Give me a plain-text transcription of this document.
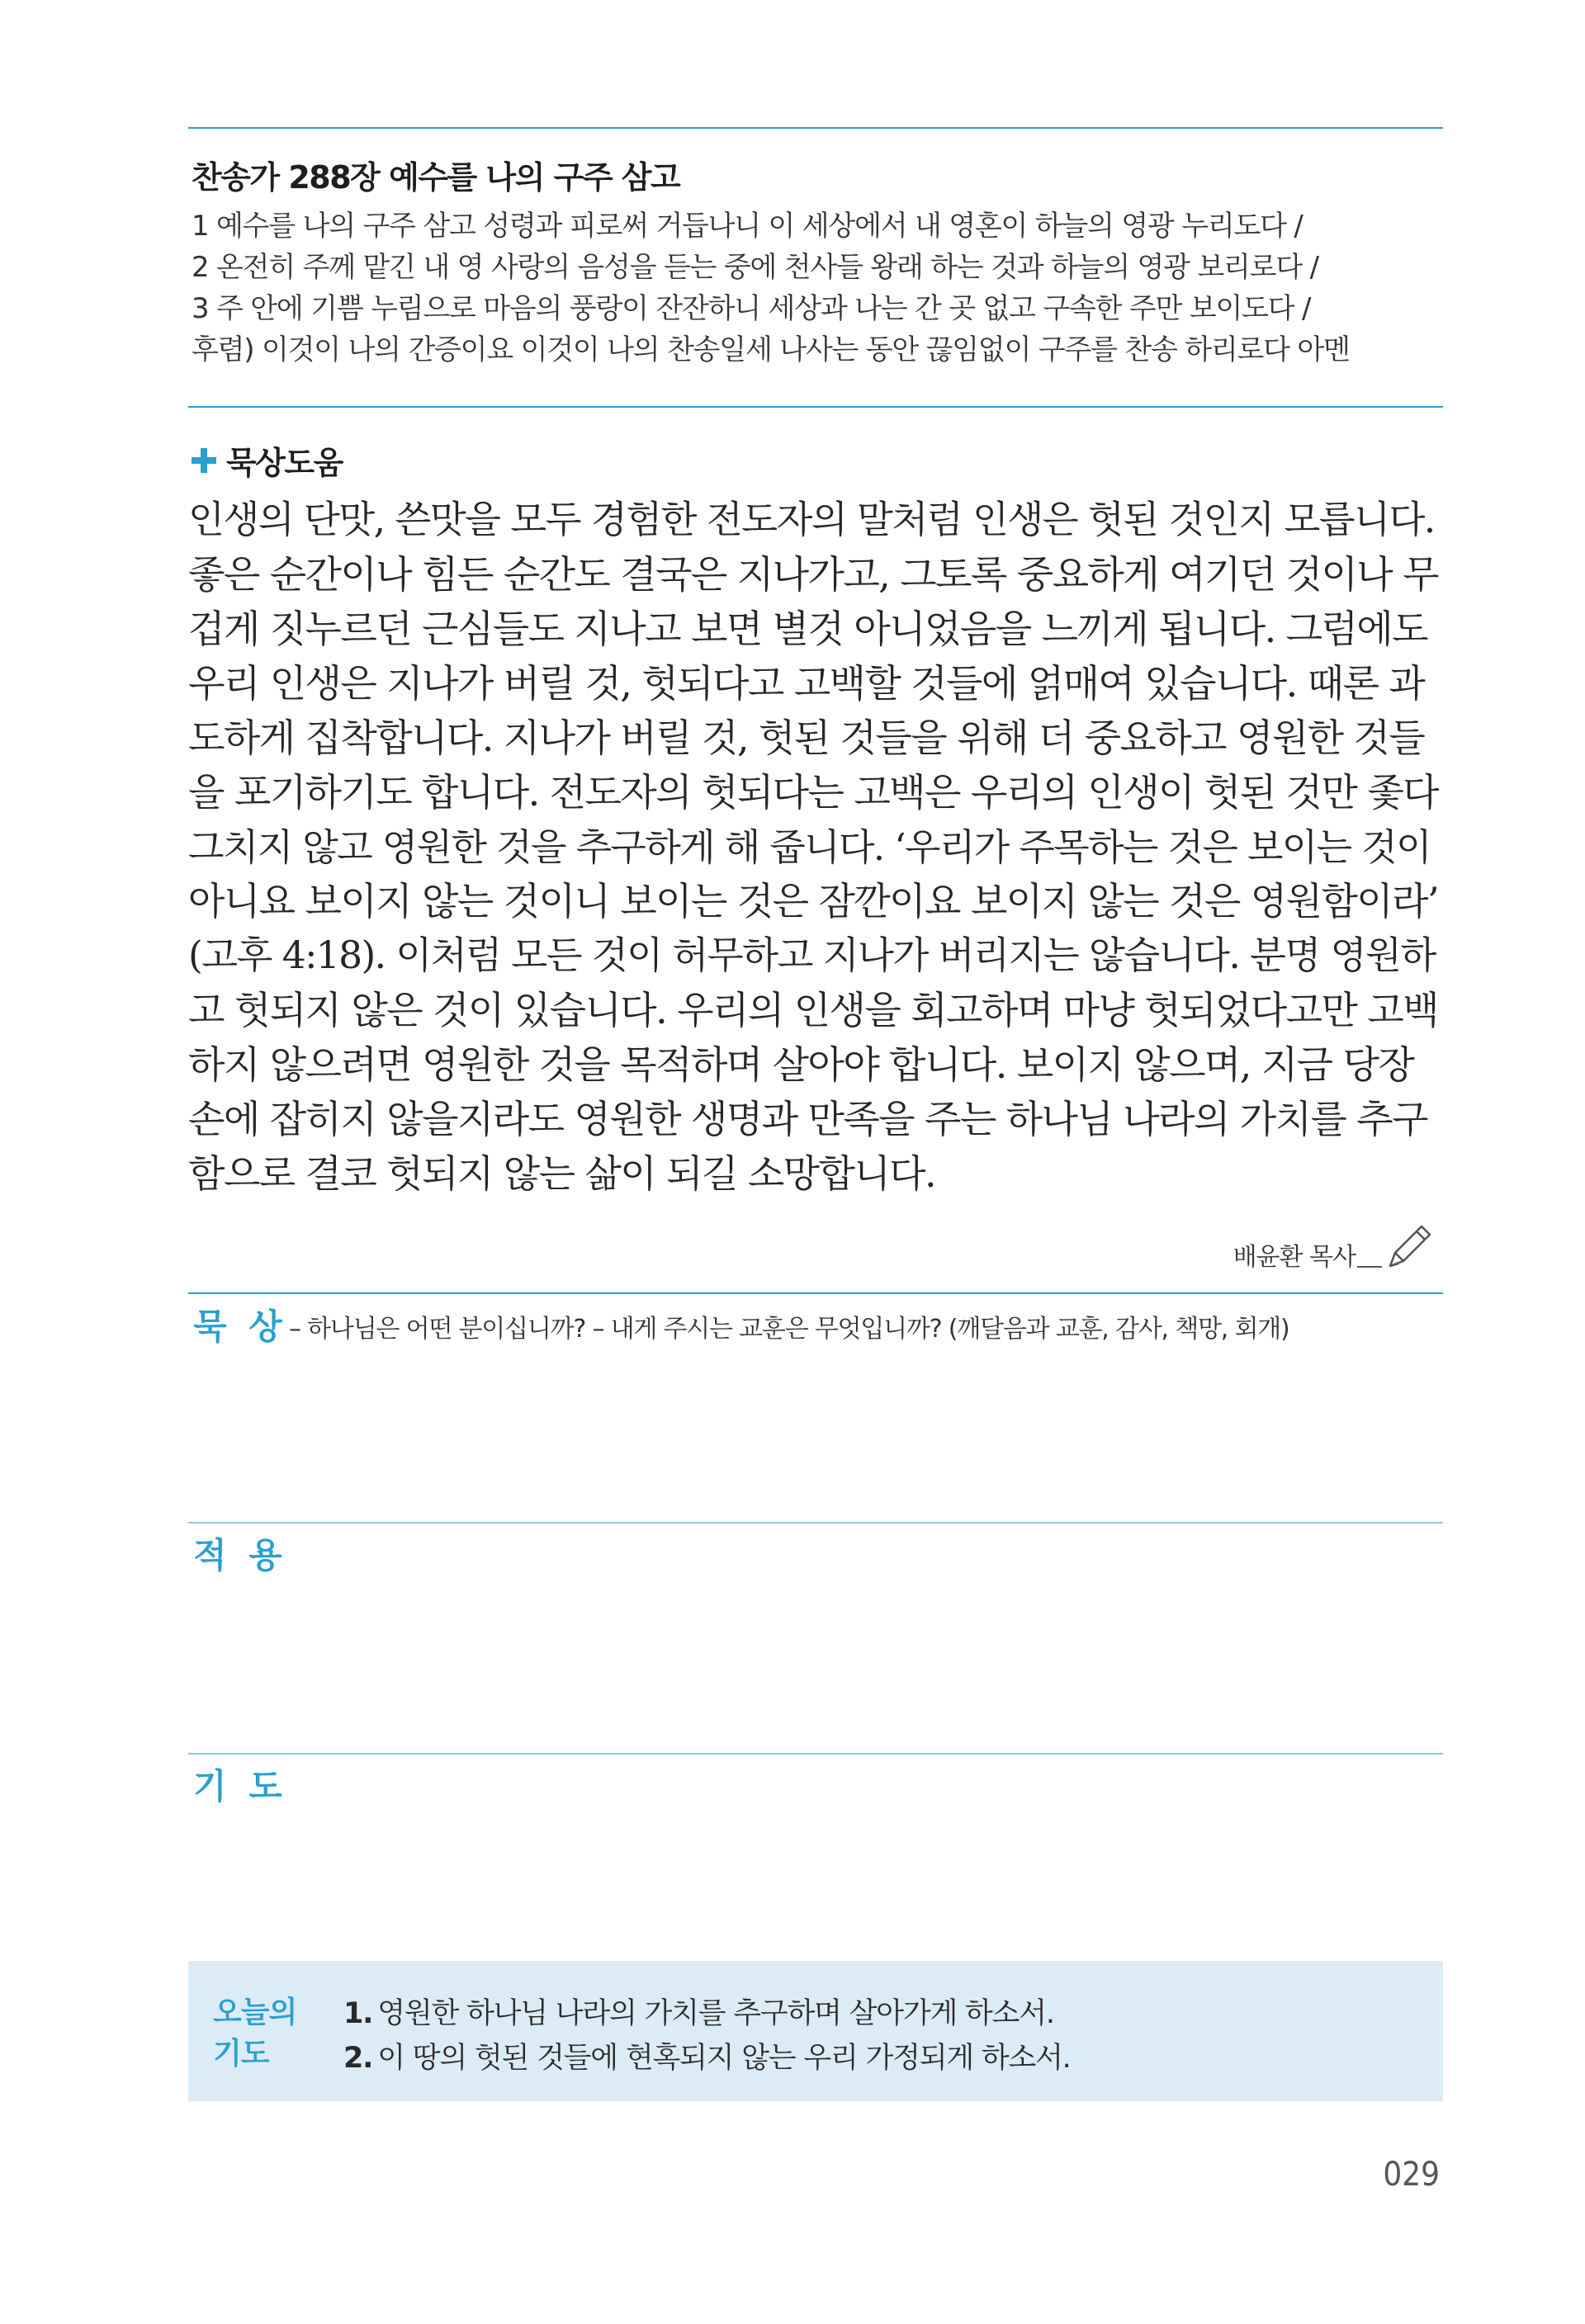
찬송가 288장 예수를 나의 구주 삼고
1 예수를 나의 구주 삼고 성령과 피로써 거듭나니 이 세상에서 내 영혼이 하늘의 영광 누리도다 /
2 온전히 주께 맡긴 내 영 사랑의 음성을 듣는 중에 천사들 왕래 하는 것과 하늘의 영광 보리로다 /
3 주 안에 기쁨 누림으로 마음의 풍랑이 잔잔하니 세상과 나는 간 곳 없고 구속한 주만 보이도다 /
후렴) 이것이 나의 간증이요 이것이 나의 찬송일세 나사는 동안 끊임없이 구주를 찬송 하리로다 아멘
묵상도움
인생의 단맛, 쓴맛을 모두 경험한 전도자의 말처럼 인생은 헛된 것인지 모릅니다.
좋은 순간이나 힘든 순간도 결국은 지나가고, 그토록 중요하게 여기던 것이나 무
겁게 짓누르던 근심들도 지나고 보면 별것 아니었음을 느끼게 됩니다. 그럼에도
우리 인생은 지나가 버릴 것, 헛되다고 고백할 것들에 얽매여 있습니다. 때론 과
도하게 집착합니다. 지나가 버릴 것, 헛된 것들을 위해 더 중요하고 영원한 것들
을 포기하기도 합니다. 전도자의 헛되다는 고백은 우리의 인생이 헛된 것만 좇다
그치지 않고 영원한 것을 추구하게 해 줍니다. ‘우리가 주목하는 것은 보이는 것이
아니요 보이지 않는 것이니 보이는 것은 잠깐이요 보이지 않는 것은 영원함이라’
(고후 4:18). 이처럼 모든 것이 허무하고 지나가 버리지는 않습니다. 분명 영원하
고 헛되지 않은 것이 있습니다. 우리의 인생을 회고하며 마냥 헛되었다고만 고백
하지 않으려면 영원한 것을 목적하며 살아야 합니다. 보이지 않으며, 지금 당장
손에 잡히지 않을지라도 영원한 생명과 만족을 주는 하나님 나라의 가치를 추구
함으로 결코 헛되지 않는 삶이 되길 소망합니다.
배윤환 목사
묵 상 – 하나님은 어떤 분이십니까? – 내게 주시는 교훈은 무엇입니까? (깨달음과 교훈, 감사, 책망, 회개)
적 용
기 도
오늘의
기도
1. 영원한 하나님 나라의 가치를 추구하며 살아가게 하소서.
2. 이 땅의 헛된 것들에 현혹되지 않는 우리 가정되게 하소서.
029
